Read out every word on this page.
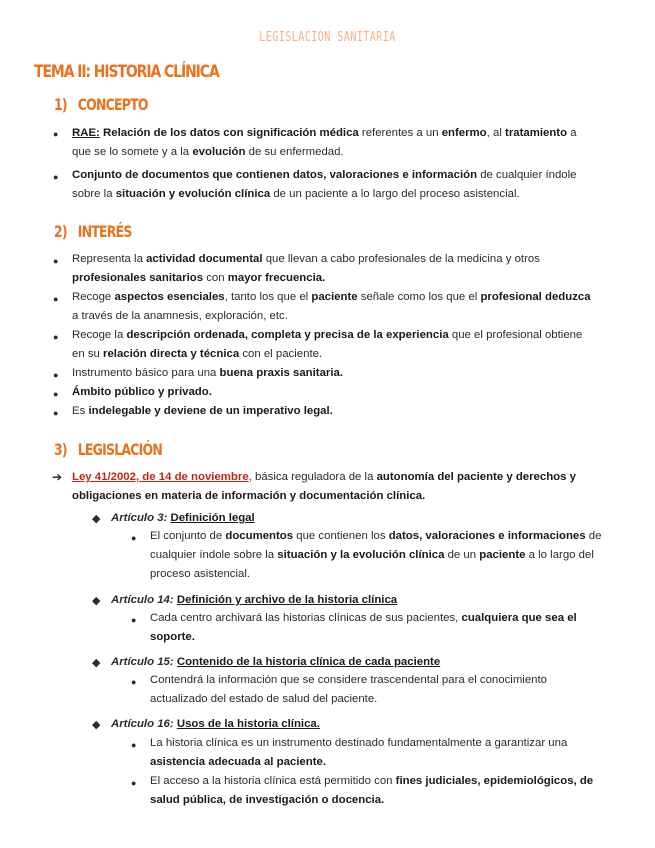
LEGISLACIÓN SANITARIA
TEMA II: HISTORIA CLÍNICA
1) CONCEPTO
● RAE: Relación de los datos con significación médica referentes a un enfermo, al tratamiento a
que se lo somete y a la evolución de su enfermedad.
● Conjunto de documentos que contienen datos, valoraciones e información de cualquier índole
sobre la situación y evolución clínica de un paciente a lo largo del proceso asistencial.
2) INTERÉS
● Representa la actividad documental que llevan a cabo profesionales de la medicina y otros
profesionales sanitarios con mayor frecuencia.
● Recoge aspectos esenciales, tanto los que el paciente señale como los que el profesional deduzca
a través de la anamnesis, exploración, etc.
● Recoge la descripción ordenada, completa y precisa de la experiencia que el profesional obtiene
en su relación directa y técnica con el paciente.
● Instrumento básico para una buena praxis sanitaria.
● Ámbito público y privado.
● Es indelegable y deviene de un imperativo legal.
3) LEGISLACIÓN
➔ Ley 41/2002, de 14 de noviembre, básica reguladora de la autonomía del paciente y derechos y
obligaciones en materia de información y documentación clínica.
◆ Artículo 3: Definición legal
● El conjunto de documentos que contienen los datos, valoraciones e informaciones de
cualquier índole sobre la situación y la evolución clínica de un paciente a lo largo del
proceso asistencial.
◆ Artículo 14: Definición y archivo de la historia clínica
● Cada centro archivará las historias clínicas de sus pacientes, cualquiera que sea el
soporte.
◆ Artículo 15: Contenido de la historia clínica de cada paciente
● Contendrá la información que se considere trascendental para el conocimiento
actualizado del estado de salud del paciente.
◆ Artículo 16: Usos de la historia clínica.
● La historia clínica es un instrumento destinado fundamentalmente a garantizar una
asistencia adecuada al paciente.
● El acceso a la historia clínica está permitido con fines judiciales, epidemiológicos, de
salud pública, de investigación o docencia.
